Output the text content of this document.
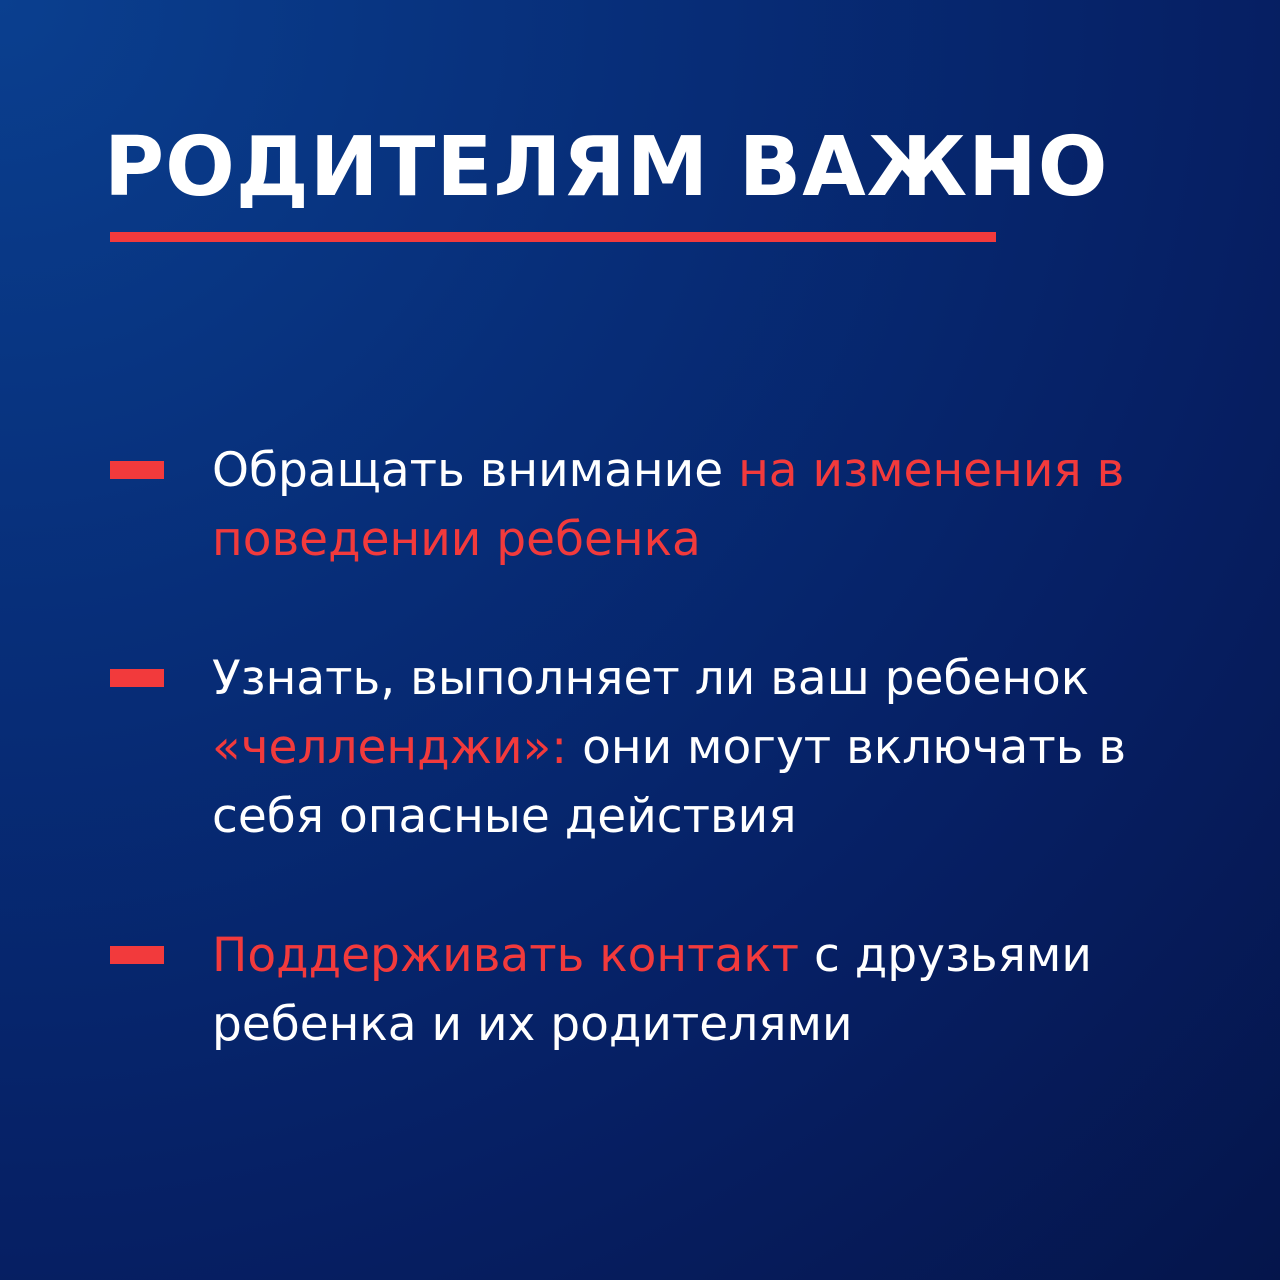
РОДИТЕЛЯМ ВАЖНО

Обращать внимание на изменения в поведении ребенка

Узнать, выполняет ли ваш ребенок «челленджи»: они могут включать в себя опасные действия

Поддерживать контакт с друзьями ребенка и их родителями
